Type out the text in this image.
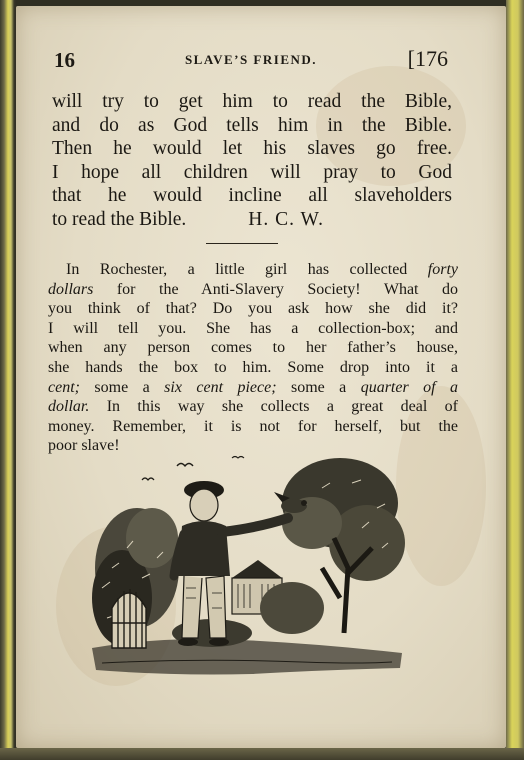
16	SLAVE’S FRIEND.	[176
will try to get him to read the Bible,
and do as God tells him in the Bible.
Then he would let his slaves go free.
I hope all children will pray to God
that he would incline all slaveholders
to read the Bible.	H. C. W.
In Rochester, a little girl has collected forty
dollars for the Anti-Slavery Society! What do
you think of that? Do you ask how she did it?
I will tell you. She has a collection-box; and
when any person comes to her father’s house,
she hands the box to him. Some drop into it a
cent; some a six cent piece; some a quarter of a
dollar. In this way she collects a great deal of
money. Remember, it is not for herself, but the
poor slave!
